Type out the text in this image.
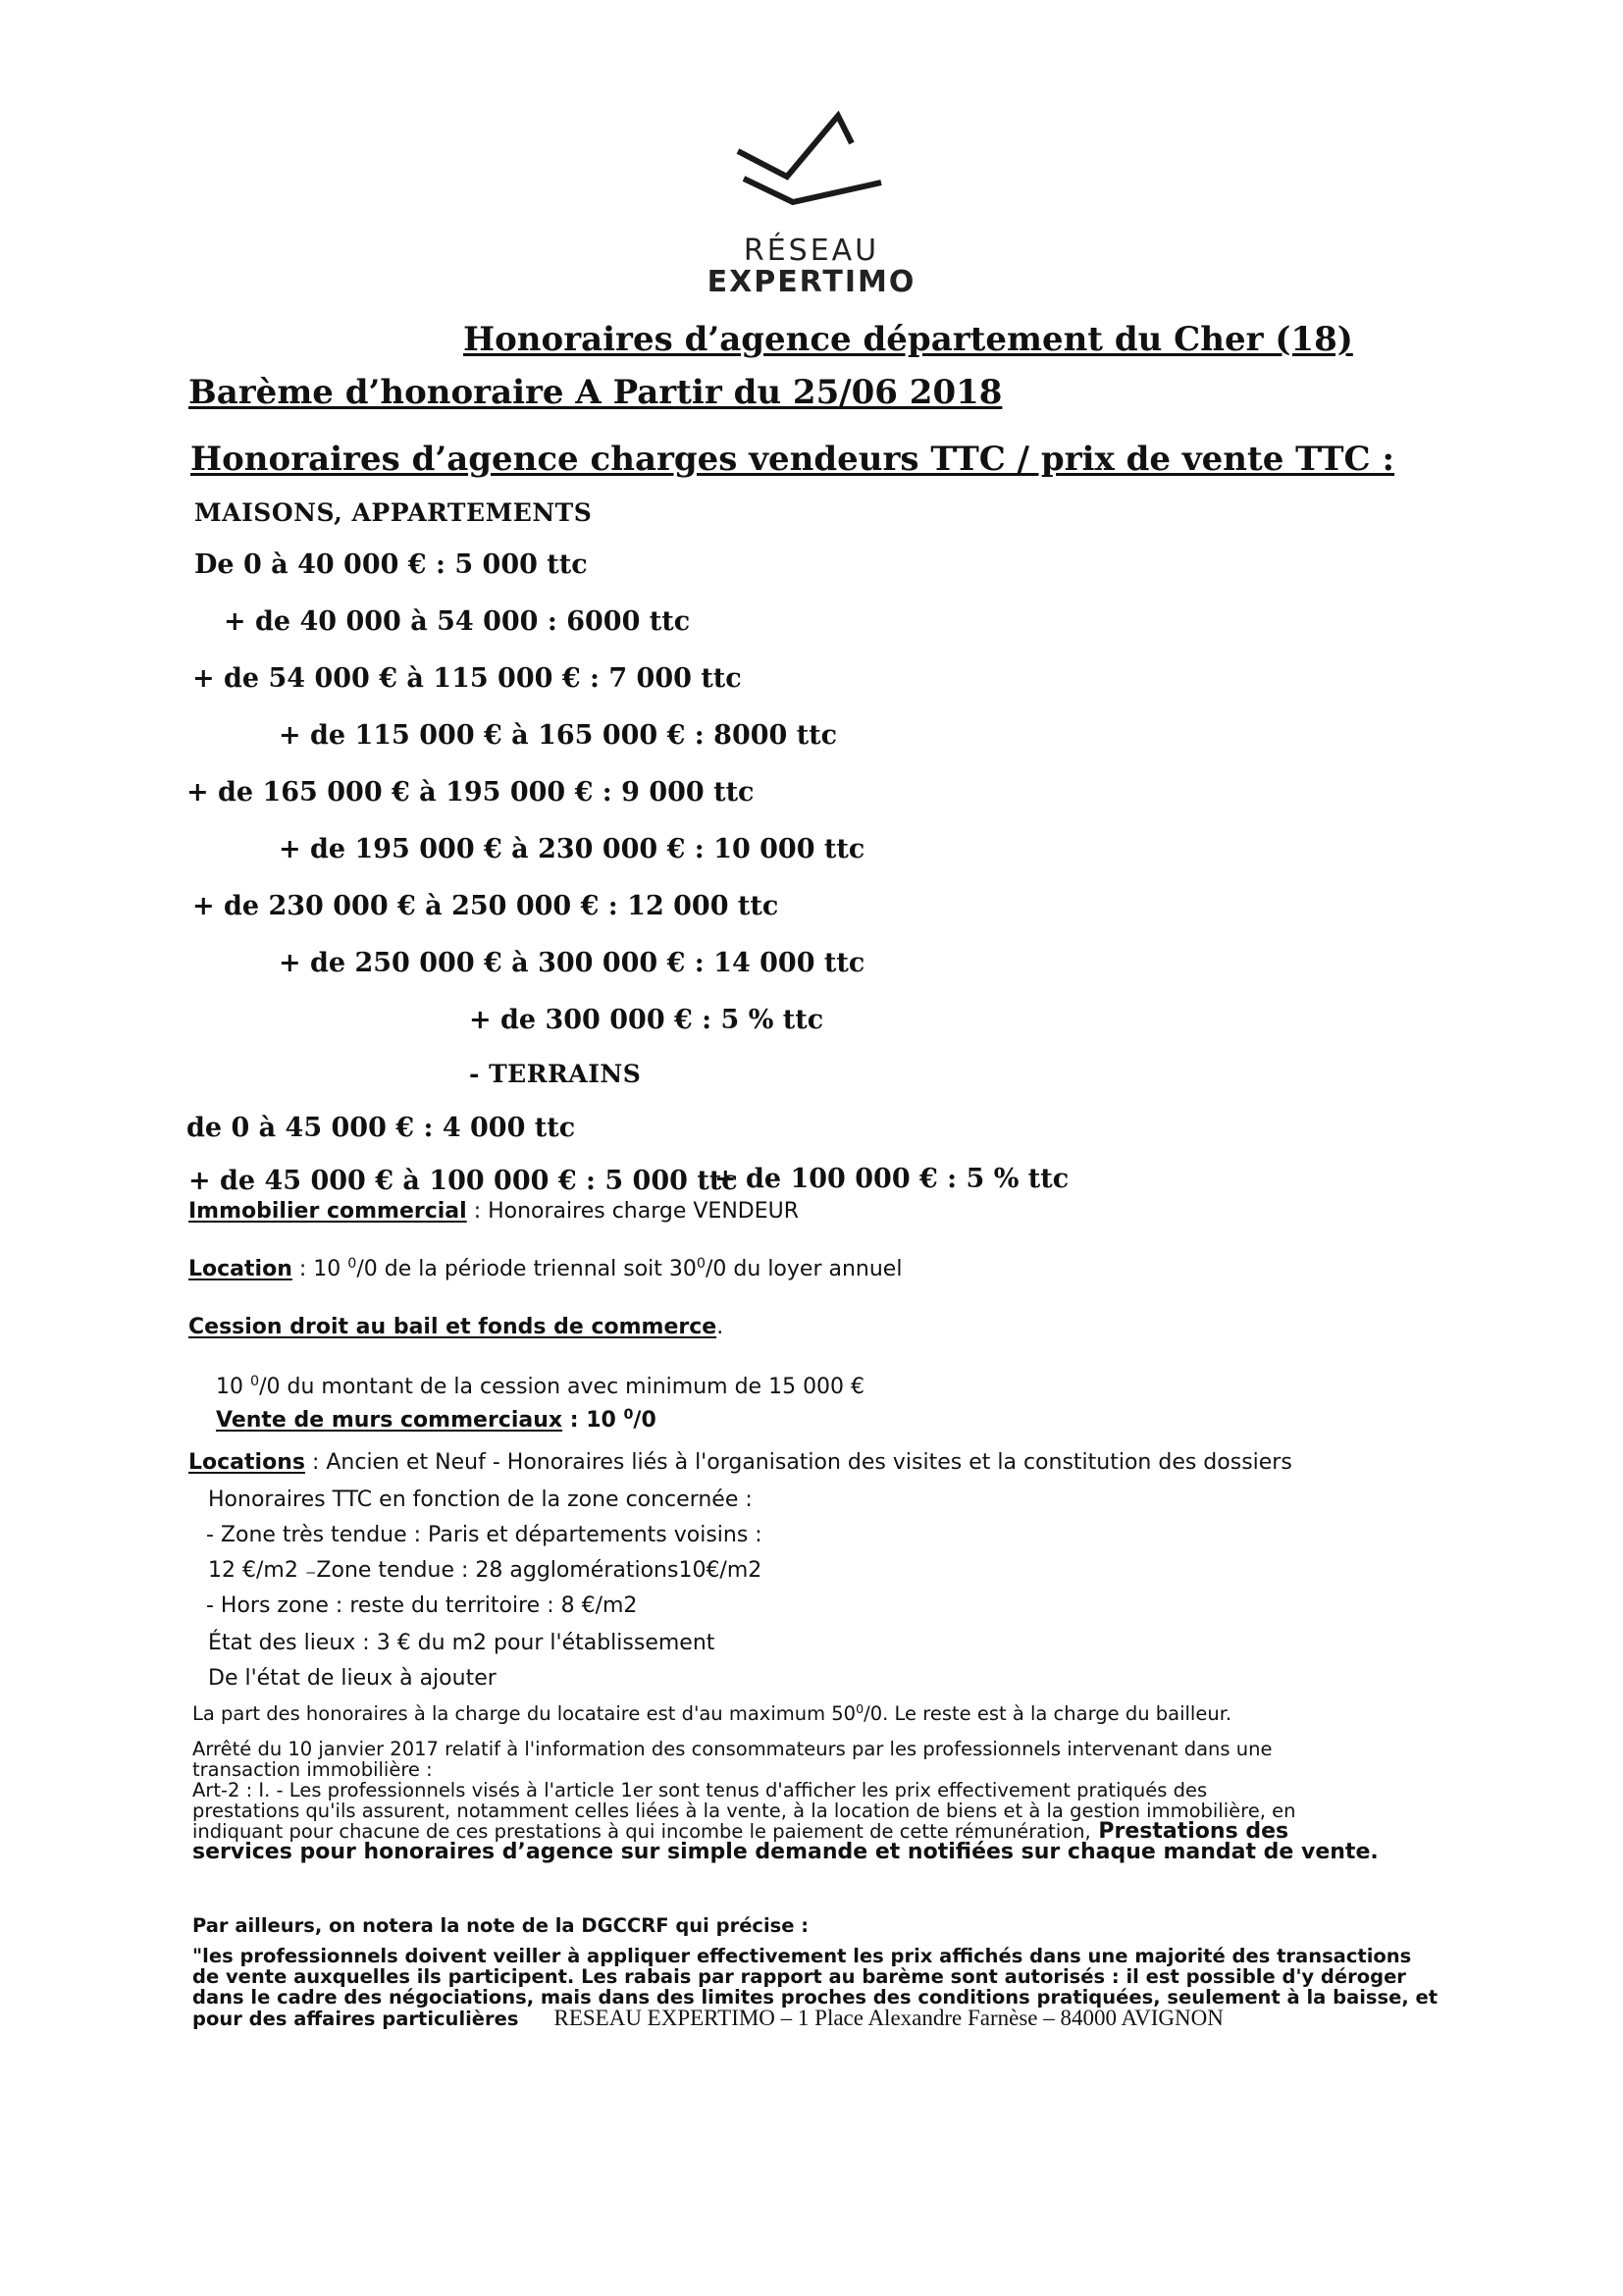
RÉSEAU
EXPERTIMO
Honoraires d’agence département du Cher (18)
Barème d’honoraire A Partir du 25/06 2018
Honoraires d’agence charges vendeurs TTC / prix de vente TTC :
MAISONS, APPARTEMENTS
De 0 à 40 000 € : 5 000 ttc
+ de 40 000 à 54 000 : 6000 ttc
+ de 54 000 € à 115 000 € : 7 000 ttc
+ de 115 000 € à 165 000 € : 8000 ttc
+ de 165 000 € à 195 000 € : 9 000 ttc
+ de 195 000 € à 230 000 € : 10 000 ttc
+ de 230 000 € à 250 000 € : 12 000 ttc
+ de 250 000 € à 300 000 € : 14 000 ttc
+ de 300 000 € : 5 % ttc
- TERRAINS
de 0 à 45 000 € : 4 000 ttc
+ de 45 000 € à 100 000 € : 5 000 ttc
+ de 100 000 € : 5 % ttc
Immobilier commercial : Honoraires charge VENDEUR
Location : 10 $^0$/0 de la période triennal soit $30^0/0$ du loyer annuel
Cession droit au bail et fonds de commerce.
10 $^0$/0 du montant de la cession avec minimum de 15 000 €
Vente de murs commerciaux : 10 $^0$/0
Locations : Ancien et Neuf - Honoraires liés à l'organisation des visites et la constitution des dossiers
Honoraires TTC en fonction de la zone concernée :
- Zone très tendue : Paris et départements voisins :
12 €/m2 ₋Zone tendue : 28 agglomérations10€/m2
- Hors zone : reste du territoire : 8 €/m2
État des lieux : 3 € du m2 pour l'établissement
De l'état de lieux à ajouter
La part des honoraires à la charge du locataire est d'au maximum $50^0/0$. Le reste est à la charge du bailleur.
Arrêté du 10 janvier 2017 relatif à l'information des consommateurs par les professionnels intervenant dans une
transaction immobilière :
Art-2 : I. - Les professionnels visés à l'article 1er sont tenus d'afficher les prix effectivement pratiqués des
prestations qu'ils assurent, notamment celles liées à la vente, à la location de biens et à la gestion immobilière, en
indiquant pour chacune de ces prestations à qui incombe le paiement de cette rémunération, Prestations des
services pour honoraires d’agence sur simple demande et notifiées sur chaque mandat de vente.
Par ailleurs, on notera la note de la DGCCRF qui précise :
"les professionnels doivent veiller à appliquer effectivement les prix affichés dans une majorité des transactions
de vente auxquelles ils participent. Les rabais par rapport au barème sont autorisés : il est possible d'y déroger
dans le cadre des négociations, mais dans des limites proches des conditions pratiquées, seulement à la baisse, et
pour des affaires particulières RESEAU EXPERTIMO – 1 Place Alexandre Farnèse – 84000 AVIGNON
